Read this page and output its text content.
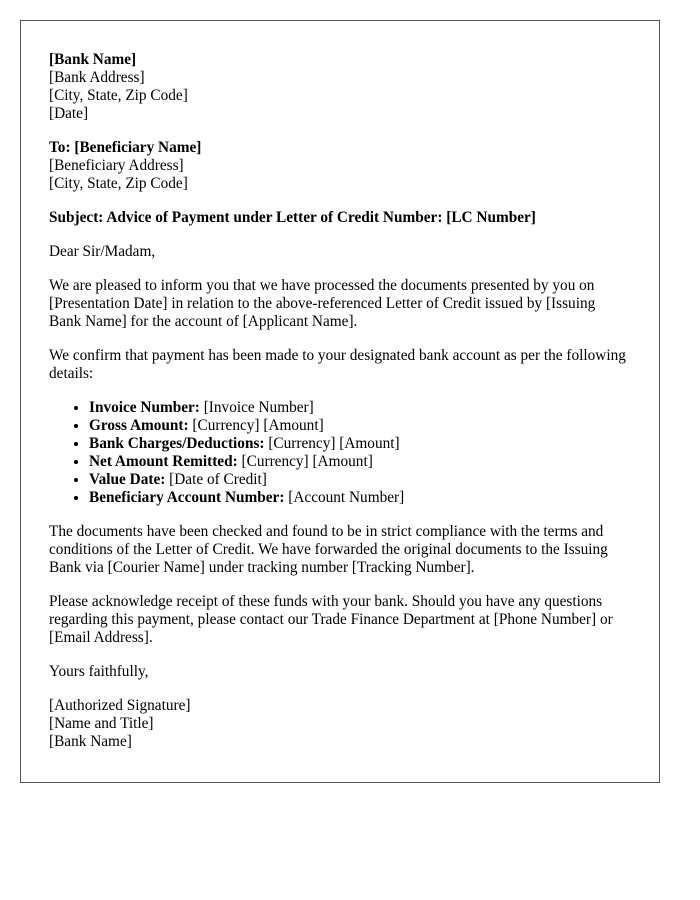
[Bank Name]
[Bank Address]
[City, State, Zip Code]
[Date]
To: [Beneficiary Name]
[Beneficiary Address]
[City, State, Zip Code]

Subject: Advice of Payment under Letter of Credit Number: [LC Number]

Dear Sir/Madam,

We are pleased to inform you that we have processed the documents presented by you on [Presentation Date] in relation to the above-referenced Letter of Credit issued by [Issuing Bank Name] for the account of [Applicant Name].

We confirm that payment has been made to your designated bank account as per the following details:

• Invoice Number: [Invoice Number]
• Gross Amount: [Currency] [Amount]
• Bank Charges/Deductions: [Currency] [Amount]
• Net Amount Remitted: [Currency] [Amount]
• Value Date: [Date of Credit]
• Beneficiary Account Number: [Account Number]

The documents have been checked and found to be in strict compliance with the terms and conditions of the Letter of Credit. We have forwarded the original documents to the Issuing Bank via [Courier Name] under tracking number [Tracking Number].

Please acknowledge receipt of these funds with your bank. Should you have any questions regarding this payment, please contact our Trade Finance Department at [Phone Number] or [Email Address].

Yours faithfully,

[Authorized Signature]
[Name and Title]
[Bank Name]
